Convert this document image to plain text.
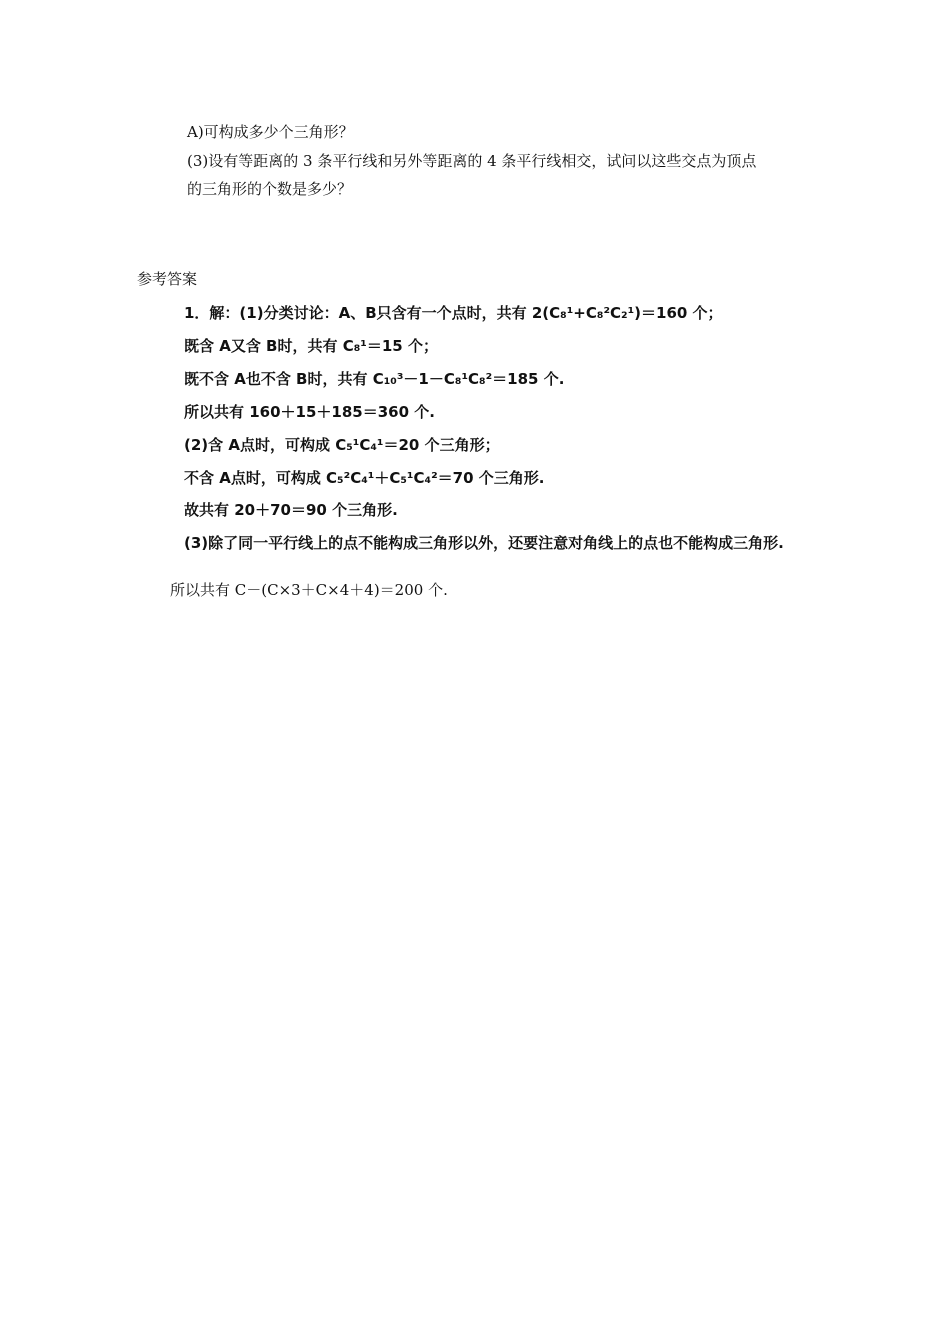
A)可构成多少个三角形？
(3)设有等距离的 3 条平行线和另外等距离的 4 条平行线相交，试问以这些交点为顶点
的三角形的个数是多少？
参考答案
1．解：(1)分类讨论：A、B只含有一个点时，共有 2(C₈¹+C₈²C₂¹)＝160 个；
既含 A又含 B时，共有 C₈¹＝15 个；
既不含 A也不含 B时，共有 C₁₀³－1－C₈¹C₈²＝185 个.
所以共有 160＋15＋185＝360 个.
(2)含 A点时，可构成 C₅¹C₄¹＝20 个三角形；
不含 A点时，可构成 C₅²C₄¹＋C₅¹C₄²＝70 个三角形.
故共有 20＋70＝90 个三角形.
(3)除了同一平行线上的点不能构成三角形以外，还要注意对角线上的点也不能构成三角形.
所以共有 C－(C×3＋C×4＋4)＝200 个.
